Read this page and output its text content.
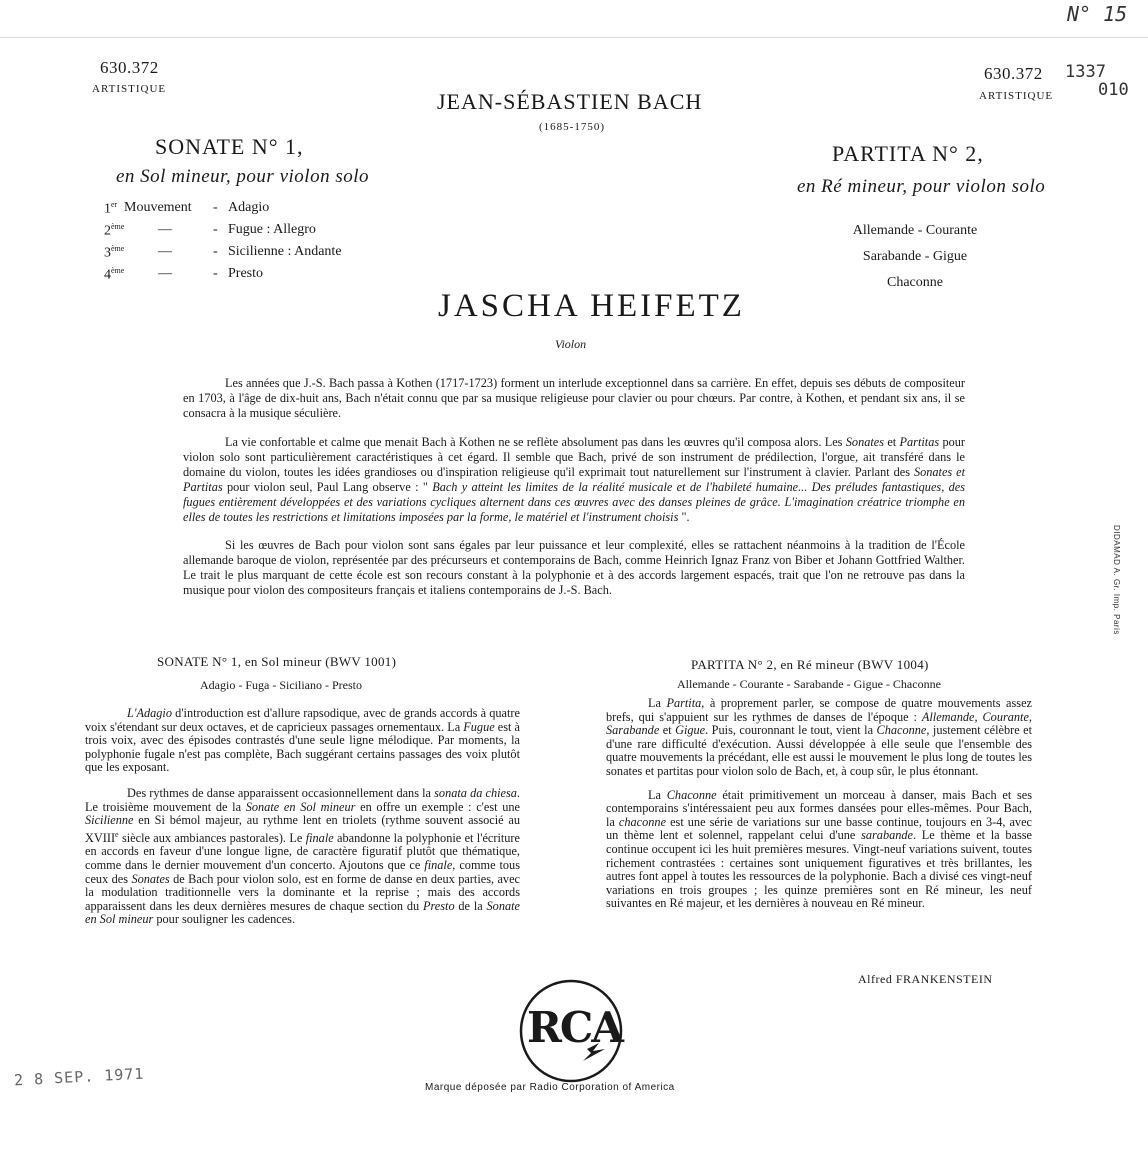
N° 15
1337
010
2 8 SEP. 1971
DIDAMAD A. Gr. Imp. Paris
630.372
ARTISTIQUE
630.372
ARTISTIQUE
JEAN-SÉBASTIEN BACH
(1685-1750)
SONATE N° 1,
en Sol mineur, pour violon solo
1er Mouvement - Adagio
2ème —	- Fugue : Allegro
3ème —	- Sicilienne : Andante
4ème —	- Presto
PARTITA N° 2,
en Ré mineur, pour violon solo
Allemande - Courante
Sarabande - Gigue
Chaconne
JASCHA HEIFETZ
Violon

Les années que J.-S. Bach passa à Kothen (1717-1723) forment un interlude exceptionnel dans sa carrière. En effet, depuis ses débuts de compositeur en 1703, à l'âge de dix-huit ans, Bach n'était connu que par sa musique religieuse pour clavier ou pour chœurs. Par contre, à Kothen, et pendant six ans, il se consacra à la musique séculière.

La vie confortable et calme que menait Bach à Kothen ne se reflète absolument pas dans les œuvres qu'il composa alors. Les Sonates et Partitas pour violon solo sont particulièrement caractéristiques à cet égard. Il semble que Bach, privé de son instrument de prédilection, l'orgue, ait transféré dans le domaine du violon, toutes les idées grandioses ou d'inspiration religieuse qu'il exprimait tout naturellement sur l'instrument à clavier. Parlant des Sonates et Partitas pour violon seul, Paul Lang observe : " Bach y atteint les limites de la réalité musicale et de l'habileté humaine... Des préludes fantastiques, des fugues entièrement développées et des variations cycliques alternent dans ces œuvres avec des danses pleines de grâce. L'imagination créatrice triomphe en elles de toutes les restrictions et limitations imposées par la forme, le matériel et l'instrument choisis ".

Si les œuvres de Bach pour violon sont sans égales par leur puissance et leur complexité, elles se rattachent néanmoins à la tradition de l'École allemande baroque de violon, représentée par des précurseurs et contemporains de Bach, comme Heinrich Ignaz Franz von Biber et Johann Gottfried Walther. Le trait le plus marquant de cette école est son recours constant à la polyphonie et à des accords largement espacés, trait que l'on ne retrouve pas dans la musique pour violon des compositeurs français et italiens contemporains de J.-S. Bach.

SONATE N° 1, en Sol mineur (BWV 1001)
Adagio - Fuga - Siciliano - Presto

L'Adagio d'introduction est d'allure rapsodique, avec de grands accords à quatre voix s'étendant sur deux octaves, et de capricieux passages ornementaux. La Fugue est à trois voix, avec des épisodes contrastés d'une seule ligne mélodique. Par moments, la polyphonie fugale n'est pas complète, Bach suggérant certains passages des voix plutôt que les exposant.

Des rythmes de danse apparaissent occasionnellement dans la sonata da chiesa. Le troisième mouvement de la Sonate en Sol mineur en offre un exemple : c'est une Sicilienne en Si bémol majeur, au rythme lent en triolets (rythme souvent associé au XVIIIe siècle aux ambiances pastorales). Le finale abandonne la polyphonie et l'écriture en accords en faveur d'une longue ligne, de caractère figuratif plutôt que thématique, comme dans le dernier mouvement d'un concerto. Ajoutons que ce finale, comme tous ceux des Sonates de Bach pour violon solo, est en forme de danse en deux parties, avec la modulation traditionnelle vers la dominante et la reprise ; mais des accords apparaissent dans les deux dernières mesures de chaque section du Presto de la Sonate en Sol mineur pour souligner les cadences.

PARTITA N° 2, en Ré mineur (BWV 1004)
Allemande - Courante - Sarabande - Gigue - Chaconne

La Partita, à proprement parler, se compose de quatre mouvements assez brefs, qui s'appuient sur les rythmes de danses de l'époque : Allemande, Courante, Sarabande et Gigue. Puis, couronnant le tout, vient la Chaconne, justement célèbre et d'une rare difficulté d'exécution. Aussi développée à elle seule que l'ensemble des quatre mouvements la précédant, elle est aussi le mouvement le plus long de toutes les sonates et partitas pour violon solo de Bach, et, à coup sûr, le plus étonnant.

La Chaconne était primitivement un morceau à danser, mais Bach et ses contemporains s'intéressaient peu aux formes dansées pour elles-mêmes. Pour Bach, la chaconne est une série de variations sur une basse continue, toujours en 3-4, avec un thème lent et solennel, rappelant celui d'une sarabande. Le thème et la basse continue occupent ici les huit premières mesures. Vingt-neuf variations suivent, toutes richement contrastées : certaines sont uniquement figuratives et très brillantes, les autres font appel à toutes les ressources de la polyphonie. Bach a divisé ces vingt-neuf variations en trois groupes ; les quinze premières sont en Ré mineur, les neuf suivantes en Ré majeur, et les dernières à nouveau en Ré mineur.

Alfred FRANKENSTEIN
RCA
Marque déposée par Radio Corporation of America
